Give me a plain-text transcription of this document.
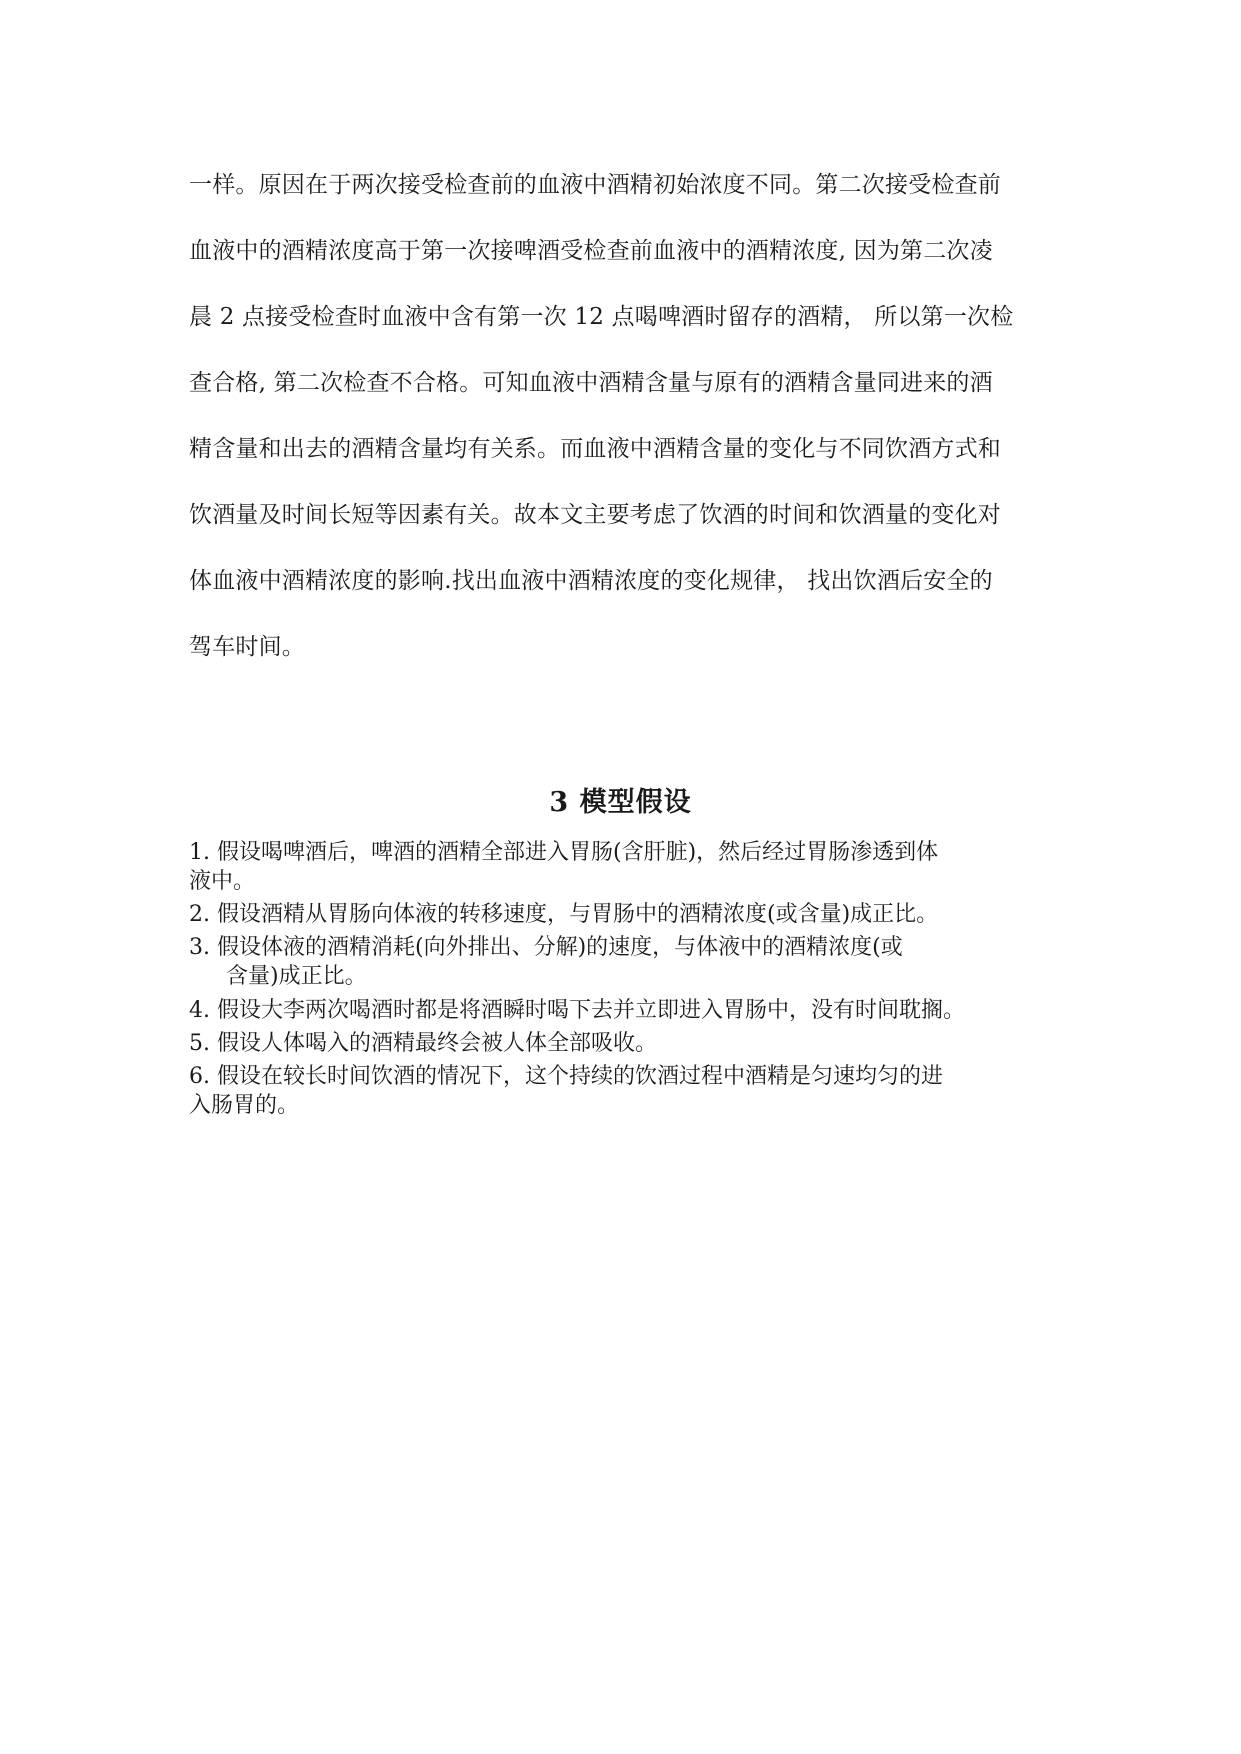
一样。原因在于两次接受检查前的血液中酒精初始浓度不同。第二次接受检查前
血液中的酒精浓度高于第一次接啤酒受检查前血液中的酒精浓度, 因为第二次凌
晨 2 点接受检查时血液中含有第一次 12 点喝啤酒时留存的酒精， 所以第一次检
查合格, 第二次检查不合格。可知血液中酒精含量与原有的酒精含量同进来的酒
精含量和出去的酒精含量均有关系。而血液中酒精含量的变化与不同饮酒方式和
饮酒量及时间长短等因素有关。故本文主要考虑了饮酒的时间和饮酒量的变化对
体血液中酒精浓度的影响.找出血液中酒精浓度的变化规律， 找出饮酒后安全的
驾车时间。
3 模型假设
1. 假设喝啤酒后，啤酒的酒精全部进入胃肠(含肝脏)，然后经过胃肠渗透到体
液中。
2. 假设酒精从胃肠向体液的转移速度，与胃肠中的酒精浓度(或含量)成正比。
3. 假设体液的酒精消耗(向外排出、分解)的速度，与体液中的酒精浓度(或
含量)成正比。
4. 假设大李两次喝酒时都是将酒瞬时喝下去并立即进入胃肠中，没有时间耽搁。
5. 假设人体喝入的酒精最终会被人体全部吸收。
6. 假设在较长时间饮酒的情况下，这个持续的饮酒过程中酒精是匀速均匀的进
入肠胃的。
